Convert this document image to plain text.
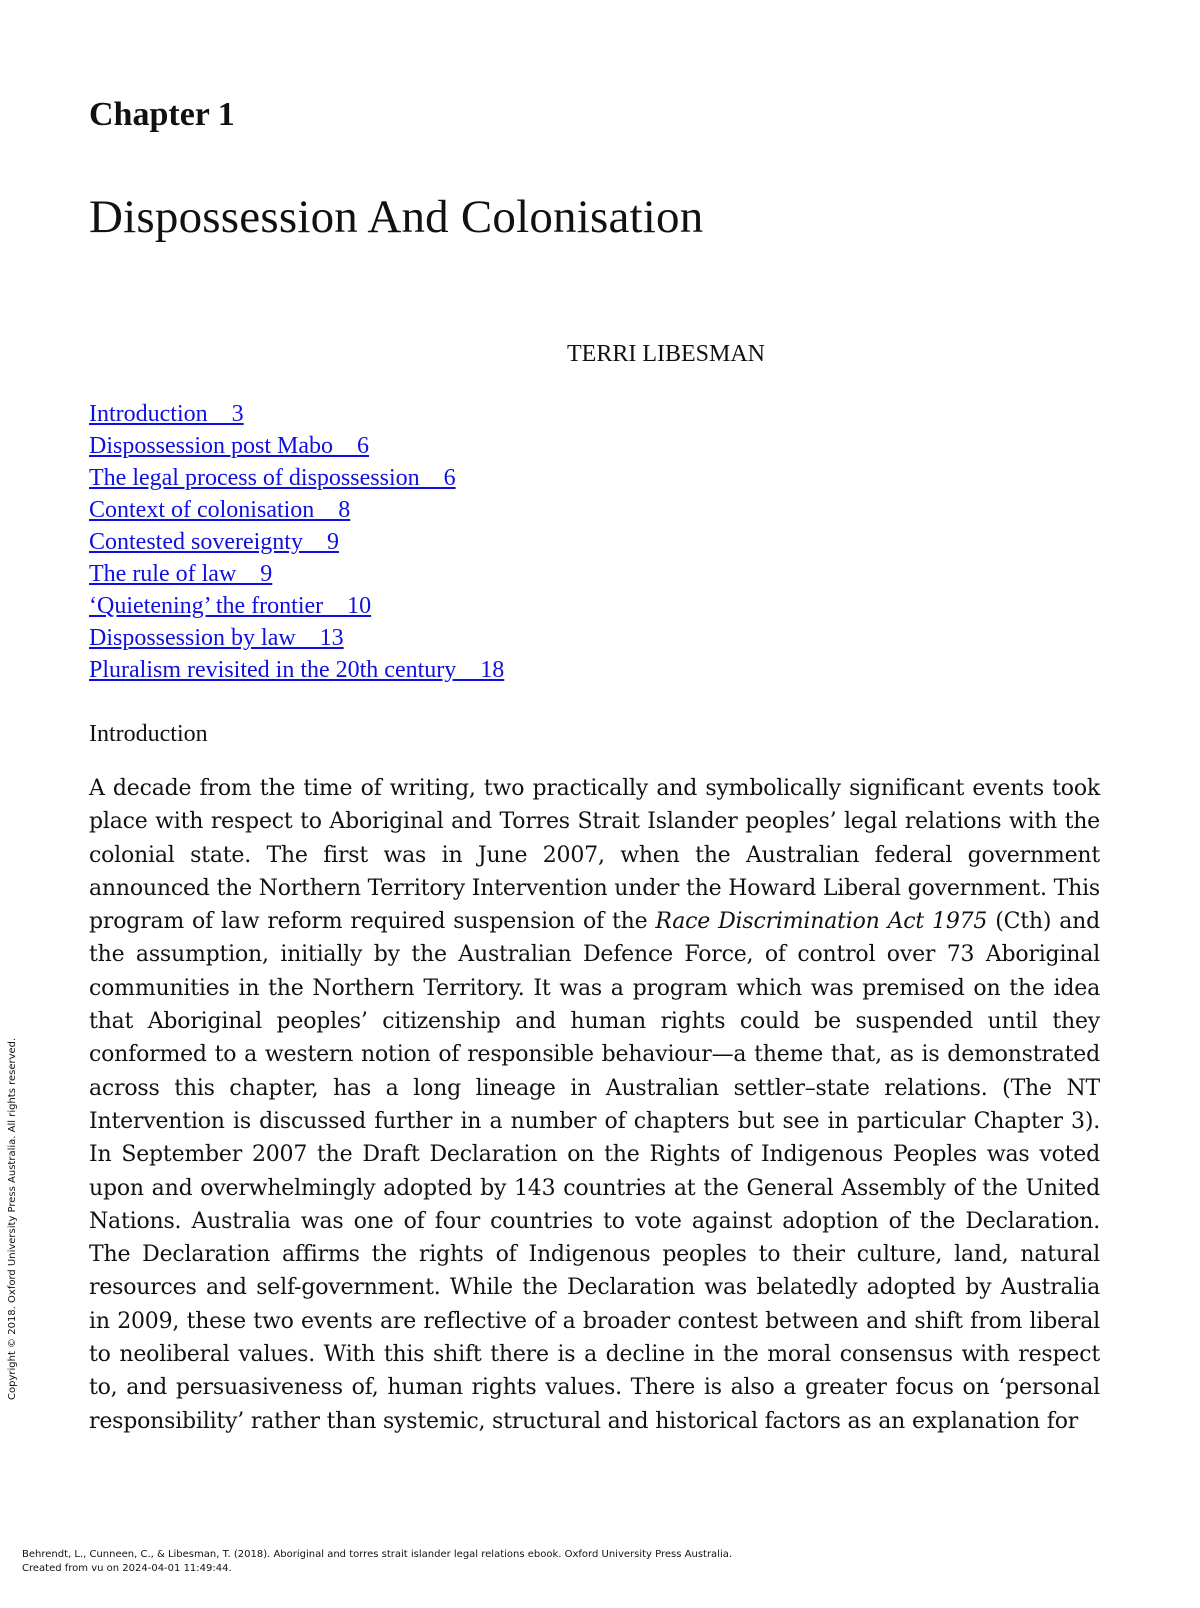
Chapter 1
Dispossession And Colonisation
TERRI LIBESMAN
Introduction    3
Dispossession post Mabo    6
The legal process of dispossession    6
Context of colonisation    8
Contested sovereignty    9
The rule of law    9
‘Quietening’ the frontier    10
Dispossession by law    13
Pluralism revisited in the 20th century    18
Introduction

A decade from the time of writing, two practically and symbolically significant events took place with respect to Aboriginal and Torres Strait Islander peoples’ legal relations with the colonial state. The first was in June 2007, when the Australian federal government announced the Northern Territory Intervention under the Howard Liberal government. This program of law reform required suspension of the Race Discrimination Act 1975 (Cth) and the assumption, initially by the Australian Defence Force, of control over 73 Aboriginal communities in the Northern Territory. It was a program which was premised on the idea that Aboriginal peoples’ citizenship and human rights could be suspended until they conformed to a western notion of responsible behaviour—a theme that, as is demonstrated across this chapter, has a long lineage in Australian settler–state relations. (The NT Intervention is discussed further in a number of chapters but see in particular Chapter 3). In September 2007 the Draft Declaration on the Rights of Indigenous Peoples was voted upon and overwhelmingly adopted by 143 countries at the General Assembly of the United Nations. Australia was one of four countries to vote against adoption of the Declaration. The Declaration affirms the rights of Indigenous peoples to their culture, land, natural resources and self-government. While the Declaration was belatedly adopted by Australia in 2009, these two events are reflective of a broader contest between and shift from liberal to neoliberal values. With this shift there is a decline in the moral consensus with respect to, and persuasiveness of, human rights values. There is also a greater focus on ‘personal responsibility’ rather than systemic, structural and historical factors as an explanation for

Copyright © 2018. Oxford University Press Australia. All rights reserved.
Behrendt, L., Cunneen, C., & Libesman, T. (2018). Aboriginal and torres strait islander legal relations ebook. Oxford University Press Australia.
Created from vu on 2024-04-01 11:49:44.
